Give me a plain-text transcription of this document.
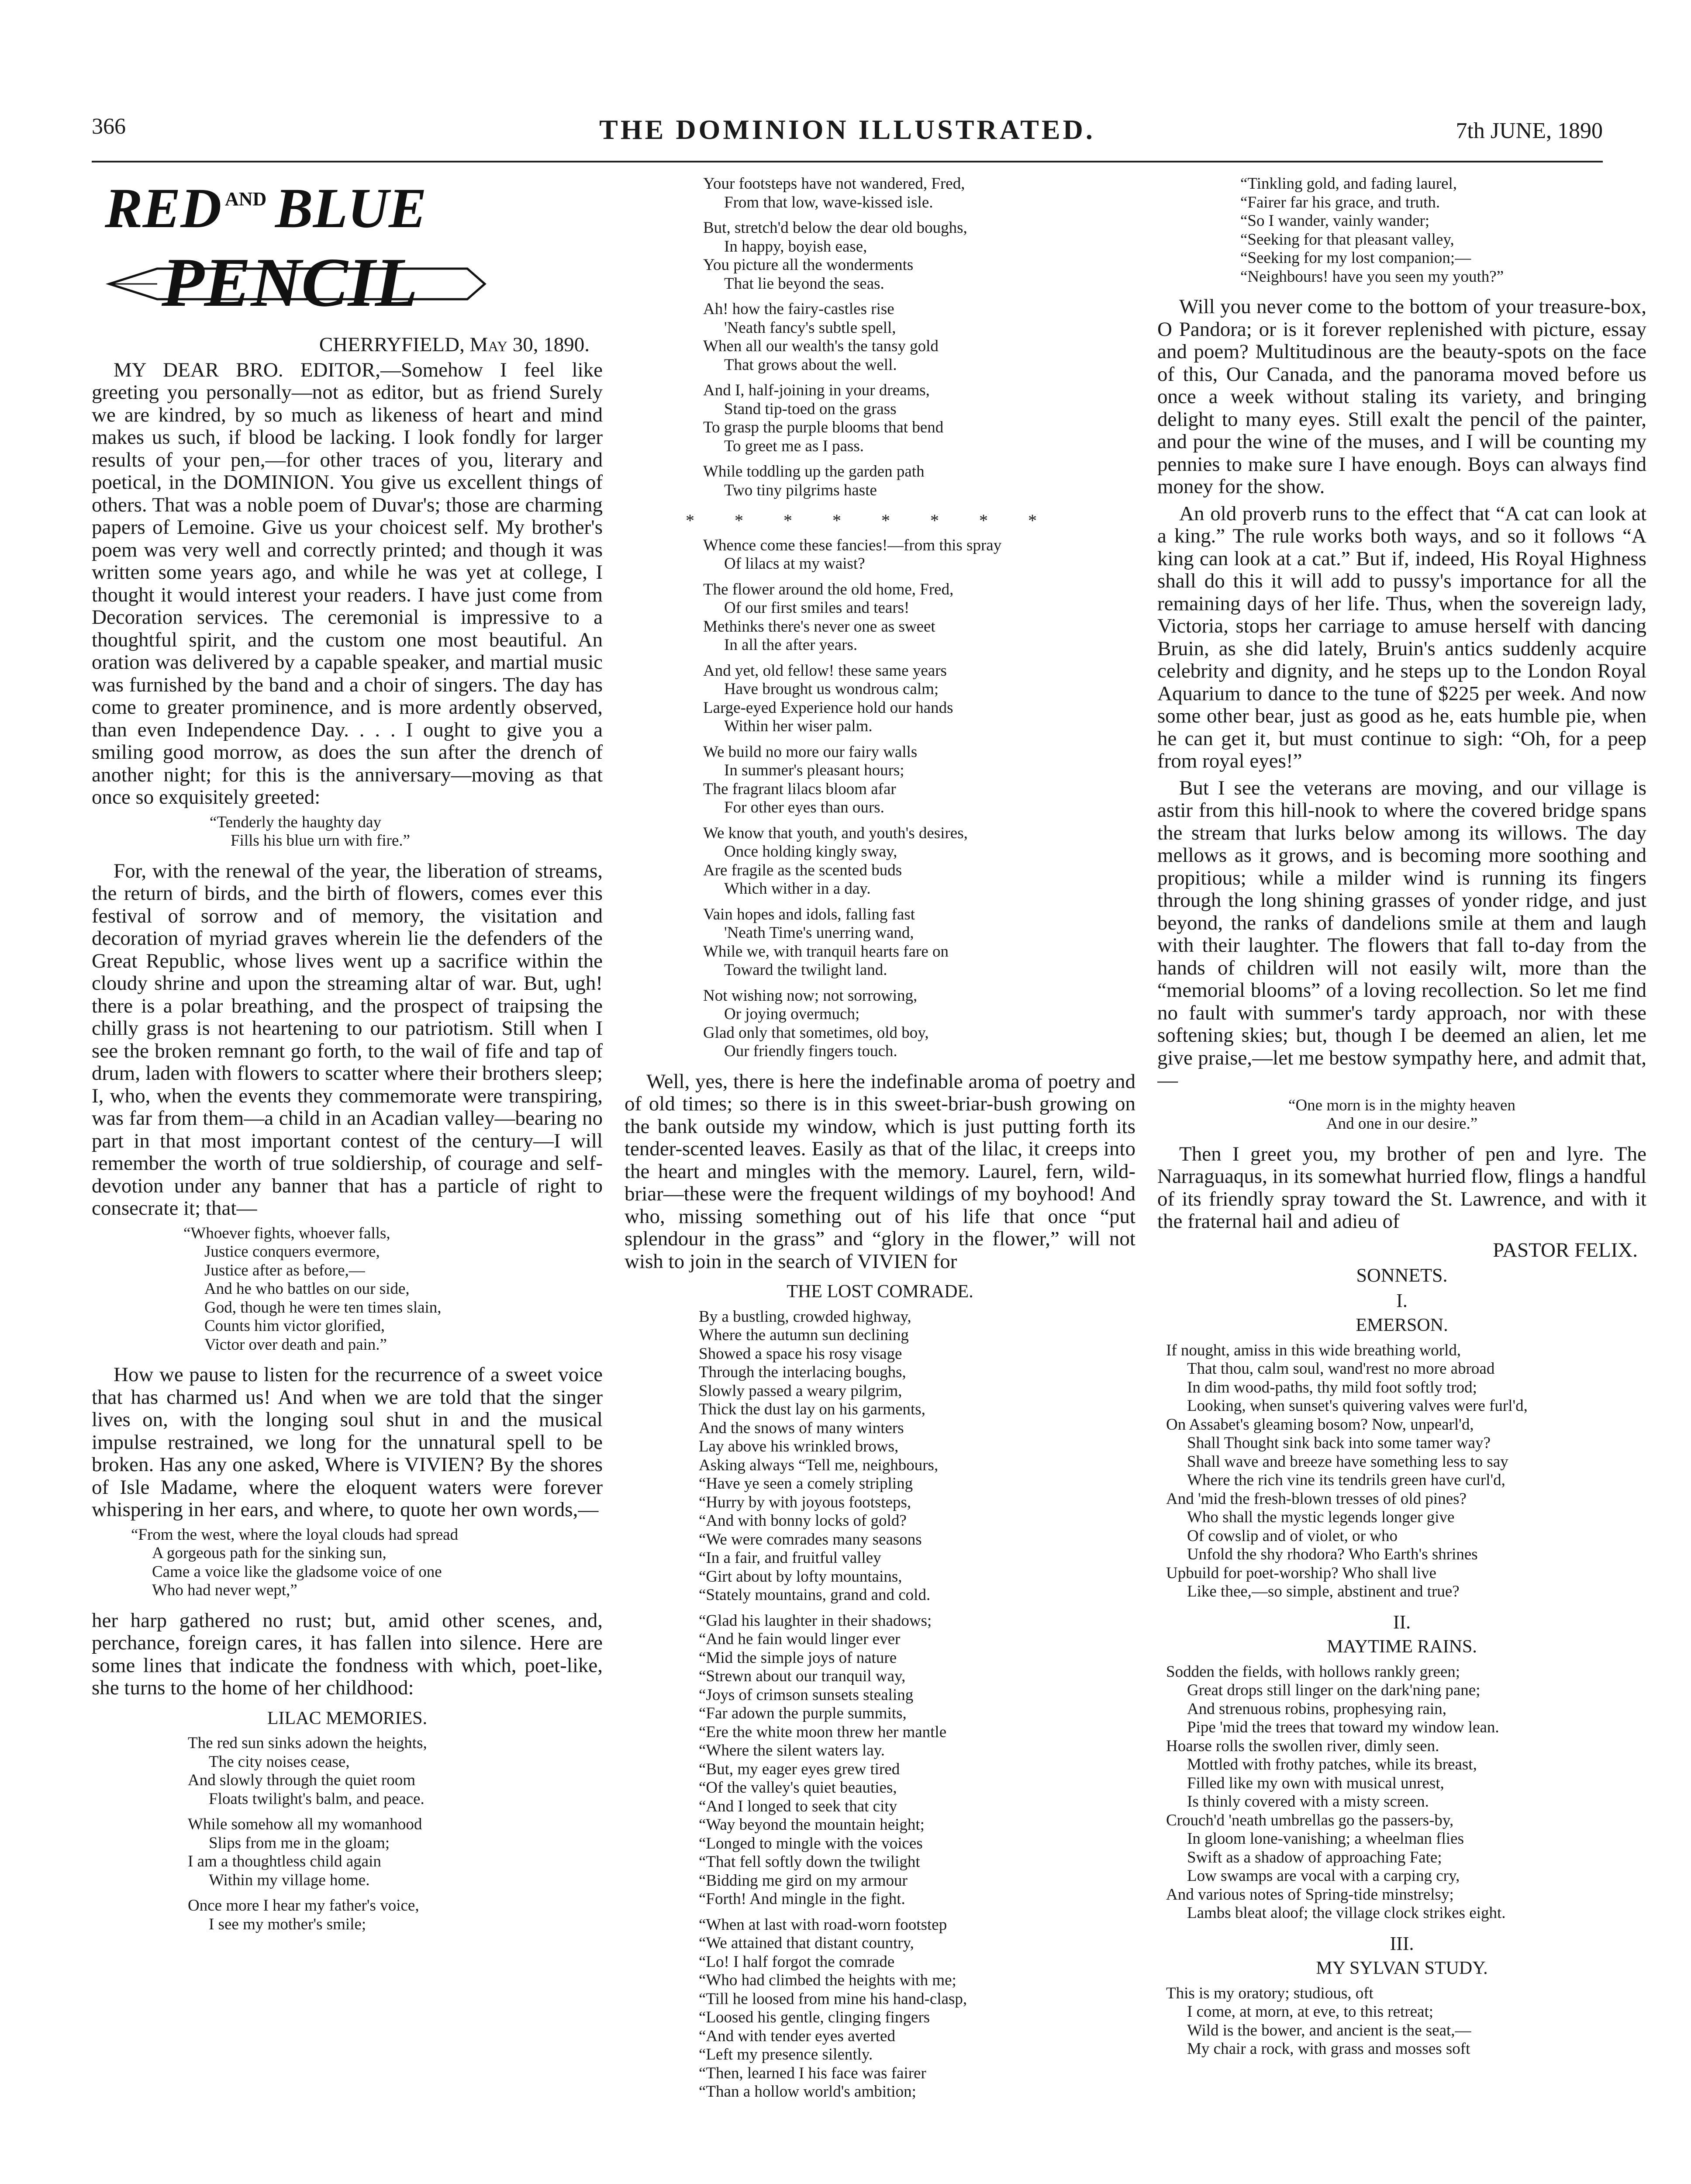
366	THE DOMINION ILLUSTRATED.	7th JUNE, 1890
RED AND BLUE
PENCIL
CHERRYFIELD, May 30, 1890.

MY DEAR BRO. EDITOR,—Somehow I feel like greeting you personally—not as editor, but as friend Surely we are kindred, by so much as likeness of heart and mind makes us such, if blood be lacking. I look fondly for larger results of your pen,—for other traces of you, literary and poetical, in the DOMINION. You give us excellent things of others. That was a noble poem of Duvar's; those are charming papers of Lemoine. Give us your choicest self. My brother's poem was very well and correctly printed; and though it was written some years ago, and while he was yet at college, I thought it would interest your readers. I have just come from Decoration services. The ceremonial is impressive to a thoughtful spirit, and the custom one most beautiful. An oration was delivered by a capable speaker, and martial music was furnished by the band and a choir of singers. The day has come to greater prominence, and is more ardently observed, than even Independence Day. . . . I ought to give you a smiling good morrow, as does the sun after the drench of another night; for this is the anniversary—moving as that once so exquisitely greeted:

“Tenderly the haughty day
Fills his blue urn with fire.”

For, with the renewal of the year, the liberation of streams, the return of birds, and the birth of flowers, comes ever this festival of sorrow and of memory, the visitation and decoration of myriad graves wherein lie the defenders of the Great Republic, whose lives went up a sacrifice within the cloudy shrine and upon the streaming altar of war. But, ugh! there is a polar breathing, and the prospect of traipsing the chilly grass is not heartening to our patriotism. Still when I see the broken remnant go forth, to the wail of fife and tap of drum, laden with flowers to scatter where their brothers sleep; I, who, when the events they commemorate were transpiring, was far from them—a child in an Acadian valley—bearing no part in that most important contest of the century—I will remember the worth of true soldiership, of courage and self-devotion under any banner that has a particle of right to consecrate it; that—

“Whoever fights, whoever falls,
Justice conquers evermore,
Justice after as before,—
And he who battles on our side,
God, though he were ten times slain,
Counts him victor glorified,
Victor over death and pain.”

How we pause to listen for the recurrence of a sweet voice that has charmed us! And when we are told that the singer lives on, with the longing soul shut in and the musical impulse restrained, we long for the unnatural spell to be broken. Has any one asked, Where is VIVIEN? By the shores of Isle Madame, where the eloquent waters were forever whispering in her ears, and where, to quote her own words,—

“From the west, where the loyal clouds had spread
A gorgeous path for the sinking sun,
Came a voice like the gladsome voice of one
Who had never wept,”

her harp gathered no rust; but, amid other scenes, and, perchance, foreign cares, it has fallen into silence. Here are some lines that indicate the fondness with which, poet-like, she turns to the home of her childhood:

LILAC MEMORIES.
The red sun sinks adown the heights,
The city noises cease,
And slowly through the quiet room
Floats twilight's balm, and peace.
While somehow all my womanhood
Slips from me in the gloam;
I am a thoughtless child again
Within my village home.
Once more I hear my father's voice,
I see my mother's smile;
Your footsteps have not wandered, Fred,
From that low, wave-kissed isle.
But, stretch'd below the dear old boughs,
In happy, boyish ease,
You picture all the wonderments
That lie beyond the seas.
Ah! how the fairy-castles rise
'Neath fancy's subtle spell,
When all our wealth's the tansy gold
That grows about the well.
And I, half-joining in your dreams,
Stand tip-toed on the grass
To grasp the purple blooms that bend
To greet me as I pass.
While toddling up the garden path
Two tiny pilgrims haste
* * * * * * * *
Whence come these fancies!—from this spray
Of lilacs at my waist?
The flower around the old home, Fred,
Of our first smiles and tears!
Methinks there's never one as sweet
In all the after years.
And yet, old fellow! these same years
Have brought us wondrous calm;
Large-eyed Experience hold our hands
Within her wiser palm.
We build no more our fairy walls
In summer's pleasant hours;
The fragrant lilacs bloom afar
For other eyes than ours.
We know that youth, and youth's desires,
Once holding kingly sway,
Are fragile as the scented buds
Which wither in a day.
Vain hopes and idols, falling fast
'Neath Time's unerring wand,
While we, with tranquil hearts fare on
Toward the twilight land.
Not wishing now; not sorrowing,
Or joying overmuch;
Glad only that sometimes, old boy,
Our friendly fingers touch.

Well, yes, there is here the indefinable aroma of poetry and of old times; so there is in this sweet-briar-bush growing on the bank outside my window, which is just putting forth its tender-scented leaves. Easily as that of the lilac, it creeps into the heart and mingles with the memory. Laurel, fern, wild-briar—these were the frequent wildings of my boyhood! And who, missing something out of his life that once “put splendour in the grass” and “glory in the flower,” will not wish to join in the search of VIVIEN for

THE LOST COMRADE.
By a bustling, crowded highway,
Where the autumn sun declining
Showed a space his rosy visage
Through the interlacing boughs,
Slowly passed a weary pilgrim,
Thick the dust lay on his garments,
And the snows of many winters
Lay above his wrinkled brows,
Asking always “Tell me, neighbours,
“Have ye seen a comely stripling
“Hurry by with joyous footsteps,
“And with bonny locks of gold?
“We were comrades many seasons
“In a fair, and fruitful valley
“Girt about by lofty mountains,
“Stately mountains, grand and cold.
“Glad his laughter in their shadows;
“And he fain would linger ever
“Mid the simple joys of nature
“Strewn about our tranquil way,
“Joys of crimson sunsets stealing
“Far adown the purple summits,
“Ere the white moon threw her mantle
“Where the silent waters lay.
“But, my eager eyes grew tired
“Of the valley's quiet beauties,
“And I longed to seek that city
“Way beyond the mountain height;
“Longed to mingle with the voices
“That fell softly down the twilight
“Bidding me gird on my armour
“Forth! And mingle in the fight.
“When at last with road-worn footstep
“We attained that distant country,
“Lo! I half forgot the comrade
“Who had climbed the heights with me;
“Till he loosed from mine his hand-clasp,
“Loosed his gentle, clinging fingers
“And with tender eyes averted
“Left my presence silently.
“Then, learned I his face was fairer
“Than a hollow world's ambition;
“Tinkling gold, and fading laurel,
“Fairer far his grace, and truth.
“So I wander, vainly wander;
“Seeking for that pleasant valley,
“Seeking for my lost companion;—
“Neighbours! have you seen my youth?”

Will you never come to the bottom of your treasure-box, O Pandora; or is it forever replenished with picture, essay and poem? Multitudinous are the beauty-spots on the face of this, Our Canada, and the panorama moved before us once a week without staling its variety, and bringing delight to many eyes. Still exalt the pencil of the painter, and pour the wine of the muses, and I will be counting my pennies to make sure I have enough. Boys can always find money for the show.

An old proverb runs to the effect that “A cat can look at a king.” The rule works both ways, and so it follows “A king can look at a cat.” But if, indeed, His Royal Highness shall do this it will add to pussy's importance for all the remaining days of her life. Thus, when the sovereign lady, Victoria, stops her carriage to amuse herself with dancing Bruin, as she did lately, Bruin's antics suddenly acquire celebrity and dignity, and he steps up to the London Royal Aquarium to dance to the tune of $225 per week. And now some other bear, just as good as he, eats humble pie, when he can get it, but must continue to sigh: “Oh, for a peep from royal eyes!”

But I see the veterans are moving, and our village is astir from this hill-nook to where the covered bridge spans the stream that lurks below among its willows. The day mellows as it grows, and is becoming more soothing and propitious; while a milder wind is running its fingers through the long shining grasses of yonder ridge, and just beyond, the ranks of dandelions smile at them and laugh with their laughter. The flowers that fall to-day from the hands of children will not easily wilt, more than the “memorial blooms” of a loving recollection. So let me find no fault with summer's tardy approach, nor with these softening skies; but, though I be deemed an alien, let me give praise,—let me bestow sympathy here, and admit that,—

“One morn is in the mighty heaven
And one in our desire.”

Then I greet you, my brother of pen and lyre. The Narraguaqus, in its somewhat hurried flow, flings a handful of its friendly spray toward the St. Lawrence, and with it the fraternal hail and adieu of

PASTOR FELIX.
SONNETS.
I.
EMERSON.
If nought, amiss in this wide breathing world,
That thou, calm soul, wand'rest no more abroad
In dim wood-paths, thy mild foot softly trod;
Looking, when sunset's quivering valves were furl'd,
On Assabet's gleaming bosom? Now, unpearl'd,
Shall Thought sink back into some tamer way?
Shall wave and breeze have something less to say
Where the rich vine its tendrils green have curl'd,
And 'mid the fresh-blown tresses of old pines?
Who shall the mystic legends longer give
Of cowslip and of violet, or who
Unfold the shy rhodora? Who Earth's shrines
Upbuild for poet-worship? Who shall live
Like thee,—so simple, abstinent and true?
II.
MAYTIME RAINS.
Sodden the fields, with hollows rankly green;
Great drops still linger on the dark'ning pane;
And strenuous robins, prophesying rain,
Pipe 'mid the trees that toward my window lean.
Hoarse rolls the swollen river, dimly seen.
Mottled with frothy patches, while its breast,
Filled like my own with musical unrest,
Is thinly covered with a misty screen.
Crouch'd 'neath umbrellas go the passers-by,
In gloom lone-vanishing; a wheelman flies
Swift as a shadow of approaching Fate;
Low swamps are vocal with a carping cry,
And various notes of Spring-tide minstrelsy;
Lambs bleat aloof; the village clock strikes eight.
III.
MY SYLVAN STUDY.
This is my oratory; studious, oft
I come, at morn, at eve, to this retreat;
Wild is the bower, and ancient is the seat,—
My chair a rock, with grass and mosses soft
